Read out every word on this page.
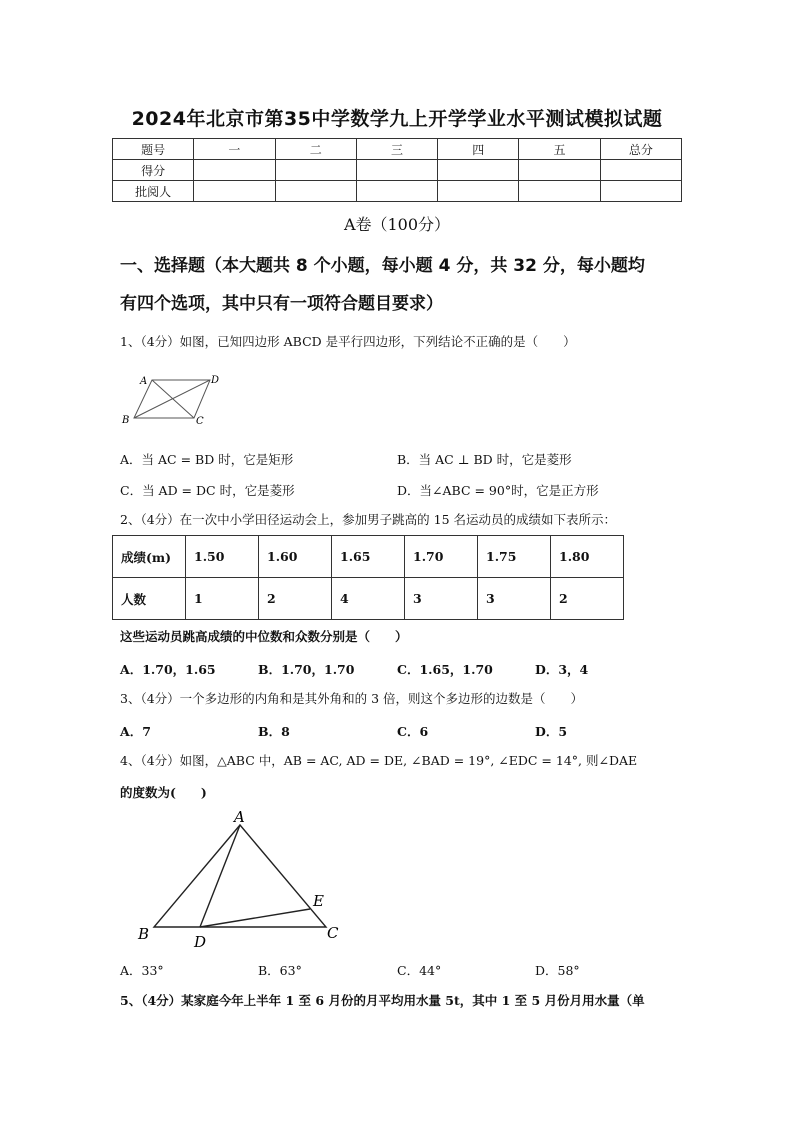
2024年北京市第35中学数学九上开学学业水平测试模拟试题
题号	一	二	三	四	五	总分
得分						
批阅人						
A卷（100分）
一、选择题（本大题共 8 个小题，每小题 4 分，共 32 分，每小题均
有四个选项，其中只有一项符合题目要求）
1、（4分）如图，已知四边形 ABCD 是平行四边形，下列结论不正确的是（　　）
A	D
B	C
A．当 AC = BD 时，它是矩形	B．当 AC ⊥ BD 时，它是菱形
C．当 AD = DC 时，它是菱形	D．当∠ABC = 90°时，它是正方形
2、（4分）在一次中小学田径运动会上，参加男子跳高的 15 名运动员的成绩如下表所示：
成绩(m)	1.50	1.60	1.65	1.70	1.75	1.80
人数	1	2	4	3	3	2
这些运动员跳高成绩的中位数和众数分别是（　　）
A．1.70，1.65	B．1.70，1.70	C．1.65，1.70	D．3，4
3、（4分）一个多边形的内角和是其外角和的 3 倍，则这个多边形的边数是（　　）
A．7	B．8	C．6	D．5
4、（4分）如图，△ABC 中，AB = AC, AD = DE, ∠BAD = 19°, ∠EDC = 14°, 则∠DAE
的度数为(　　)
A
B	D
E
C
A．33°	B．63°	C．44°	D．58°
5、（4分）某家庭今年上半年 1 至 6 月份的月平均用水量 5t，其中 1 至 5 月份月用水量（单
